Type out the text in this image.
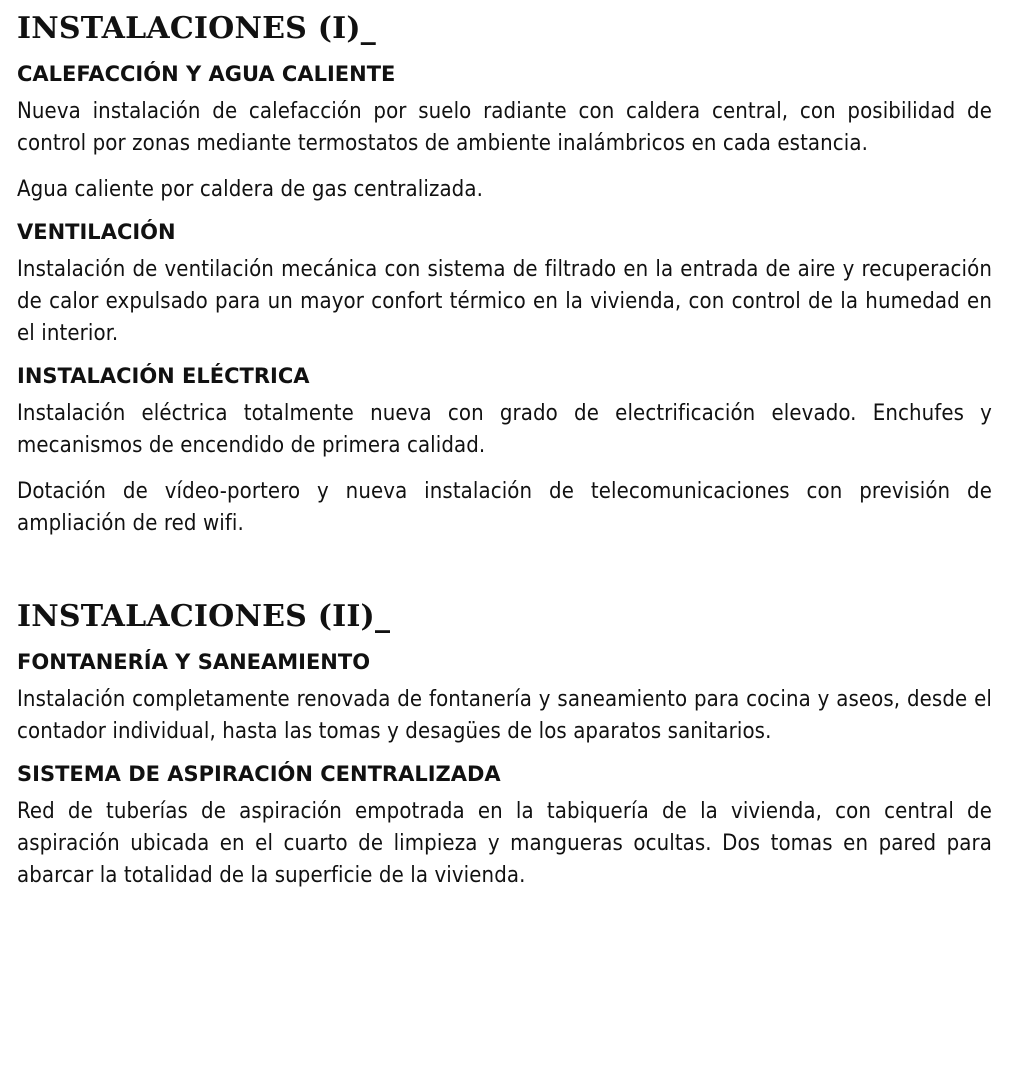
INSTALACIONES (I)_
CALEFACCIÓN Y AGUA CALIENTE

Nueva instalación de calefacción por suelo radiante con caldera central, con posibilidad de control por zonas mediante termostatos de ambiente inalámbricos en cada estancia.

Agua caliente por caldera de gas centralizada.

VENTILACIÓN

Instalación de ventilación mecánica con sistema de filtrado en la entrada de aire y recuperación de calor expulsado para un mayor confort térmico en la vivienda, con control de la humedad en el interior.

INSTALACIÓN ELÉCTRICA

Instalación eléctrica totalmente nueva con grado de electrificación elevado. Enchufes y mecanismos de encendido de primera calidad.

Dotación de vídeo-portero y nueva instalación de telecomunicaciones con previsión de ampliación de red wifi.

INSTALACIONES (II)_
FONTANERÍA Y SANEAMIENTO

Instalación completamente renovada de fontanería y saneamiento para cocina y aseos, desde el contador individual, hasta las tomas y desagües de los aparatos sanitarios.

SISTEMA DE ASPIRACIÓN CENTRALIZADA

Red de tuberías de aspiración empotrada en la tabiquería de la vivienda, con central de aspiración ubicada en el cuarto de limpieza y mangueras ocultas. Dos tomas en pared para abarcar la totalidad de la superficie de la vivienda.
